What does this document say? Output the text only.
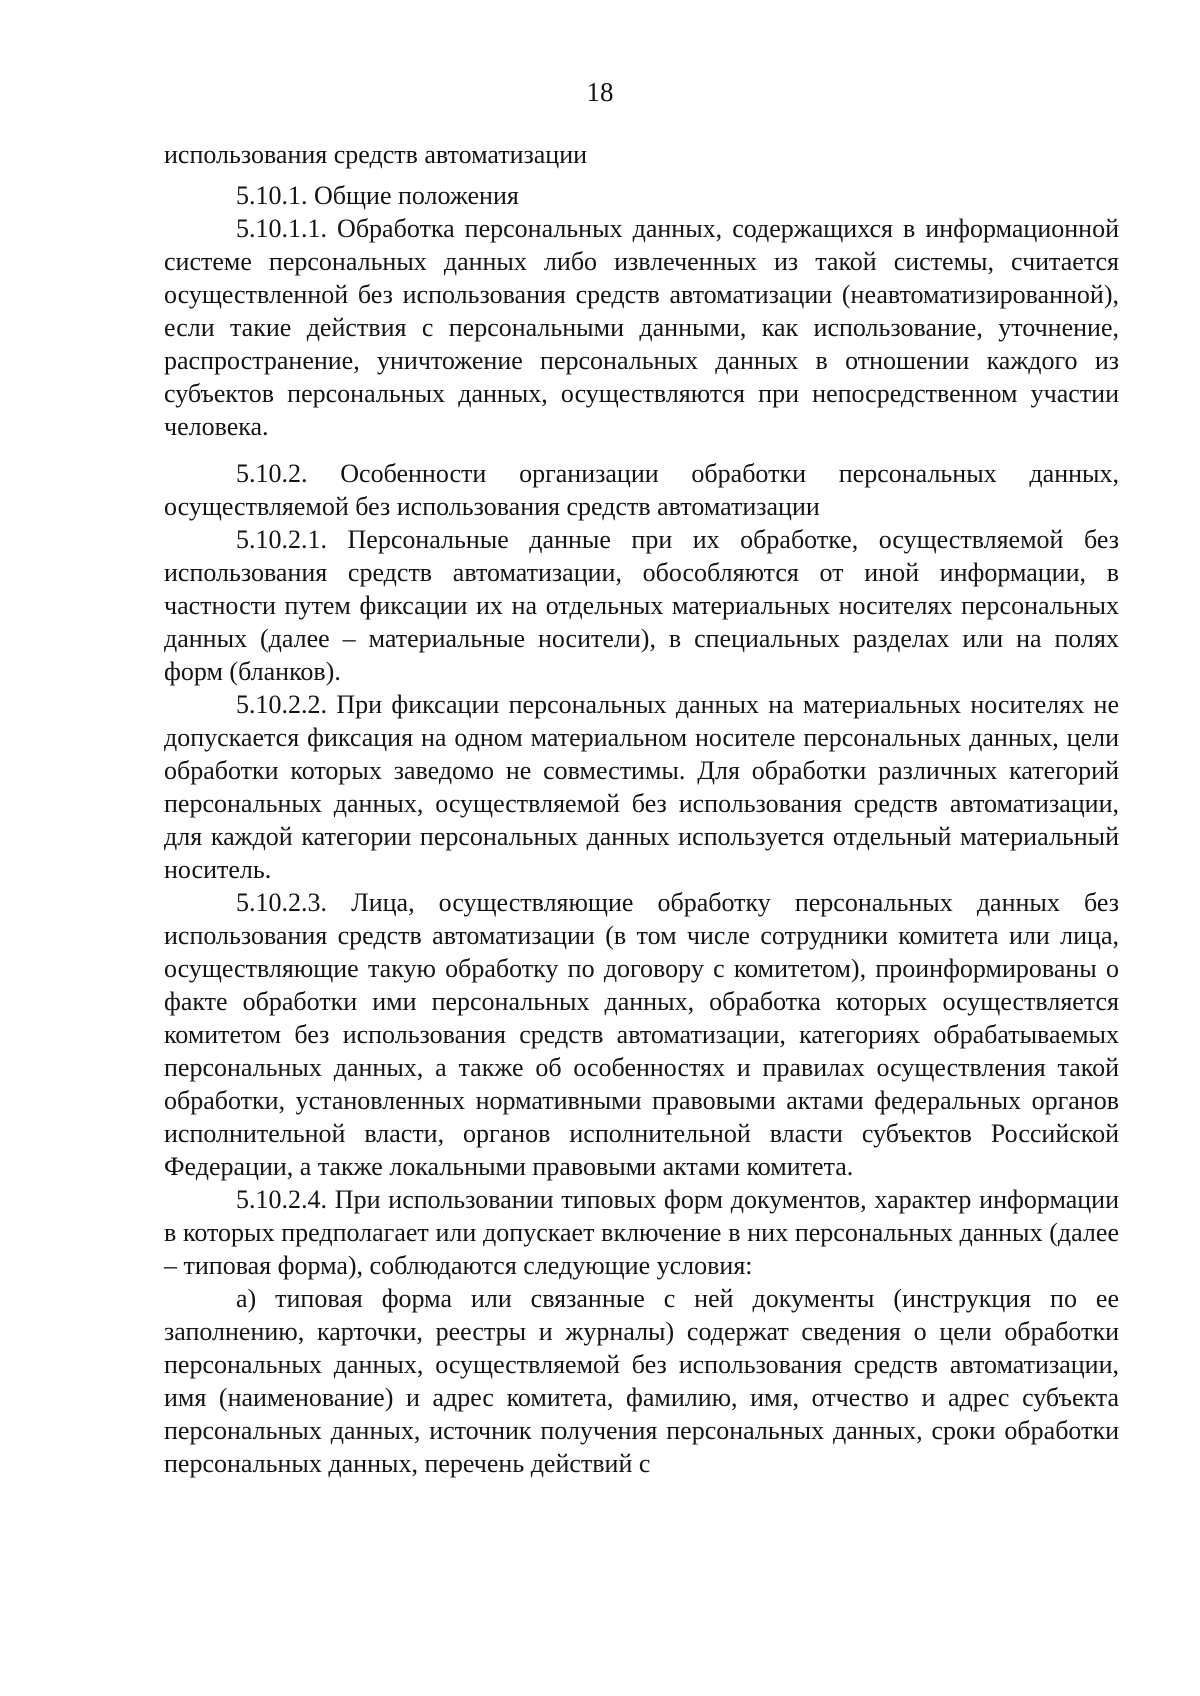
18

использования средств автоматизации

5.10.1. Общие положения

5.10.1.1. Обработка персональных данных, содержащихся в информационной системе персональных данных либо извлеченных из такой системы, считается осуществленной без использования средств автоматизации (неавтоматизированной), если такие действия с персональными данными, как использование, уточнение, распространение, уничтожение персональных данных в отношении каждого из субъектов персональных данных, осуществляются при непосредственном участии человека.

5.10.2. Особенности организации обработки персональных данных, осуществляемой без использования средств автоматизации

5.10.2.1. Персональные данные при их обработке, осуществляемой без использования средств автоматизации, обособляются от иной информации, в частности путем фиксации их на отдельных материальных носителях персональных данных (далее – материальные носители), в специальных разделах или на полях форм (бланков).

5.10.2.2. При фиксации персональных данных на материальных носителях не допускается фиксация на одном материальном носителе персональных данных, цели обработки которых заведомо не совместимы. Для обработки различных категорий персональных данных, осуществляемой без использования средств автоматизации, для каждой категории персональных данных используется отдельный материальный носитель.

5.10.2.3. Лица, осуществляющие обработку персональных данных без использования средств автоматизации (в том числе сотрудники комитета или лица, осуществляющие такую обработку по договору с комитетом), проинформированы о факте обработки ими персональных данных, обработка которых осуществляется комитетом без использования средств автоматизации, категориях обрабатываемых персональных данных, а также об особенностях и правилах осуществления такой обработки, установленных нормативными правовыми актами федеральных органов исполнительной власти, органов исполнительной власти субъектов Российской Федерации, а также локальными правовыми актами комитета.

5.10.2.4. При использовании типовых форм документов, характер информации в которых предполагает или допускает включение в них персональных данных (далее – типовая форма), соблюдаются следующие условия:

а) типовая форма или связанные с ней документы (инструкция по ее заполнению, карточки, реестры и журналы) содержат сведения о цели обработки персональных данных, осуществляемой без использования средств автоматизации, имя (наименование) и адрес комитета, фамилию, имя, отчество и адрес субъекта персональных данных, источник получения персональных данных, сроки обработки персональных данных, перечень действий с
